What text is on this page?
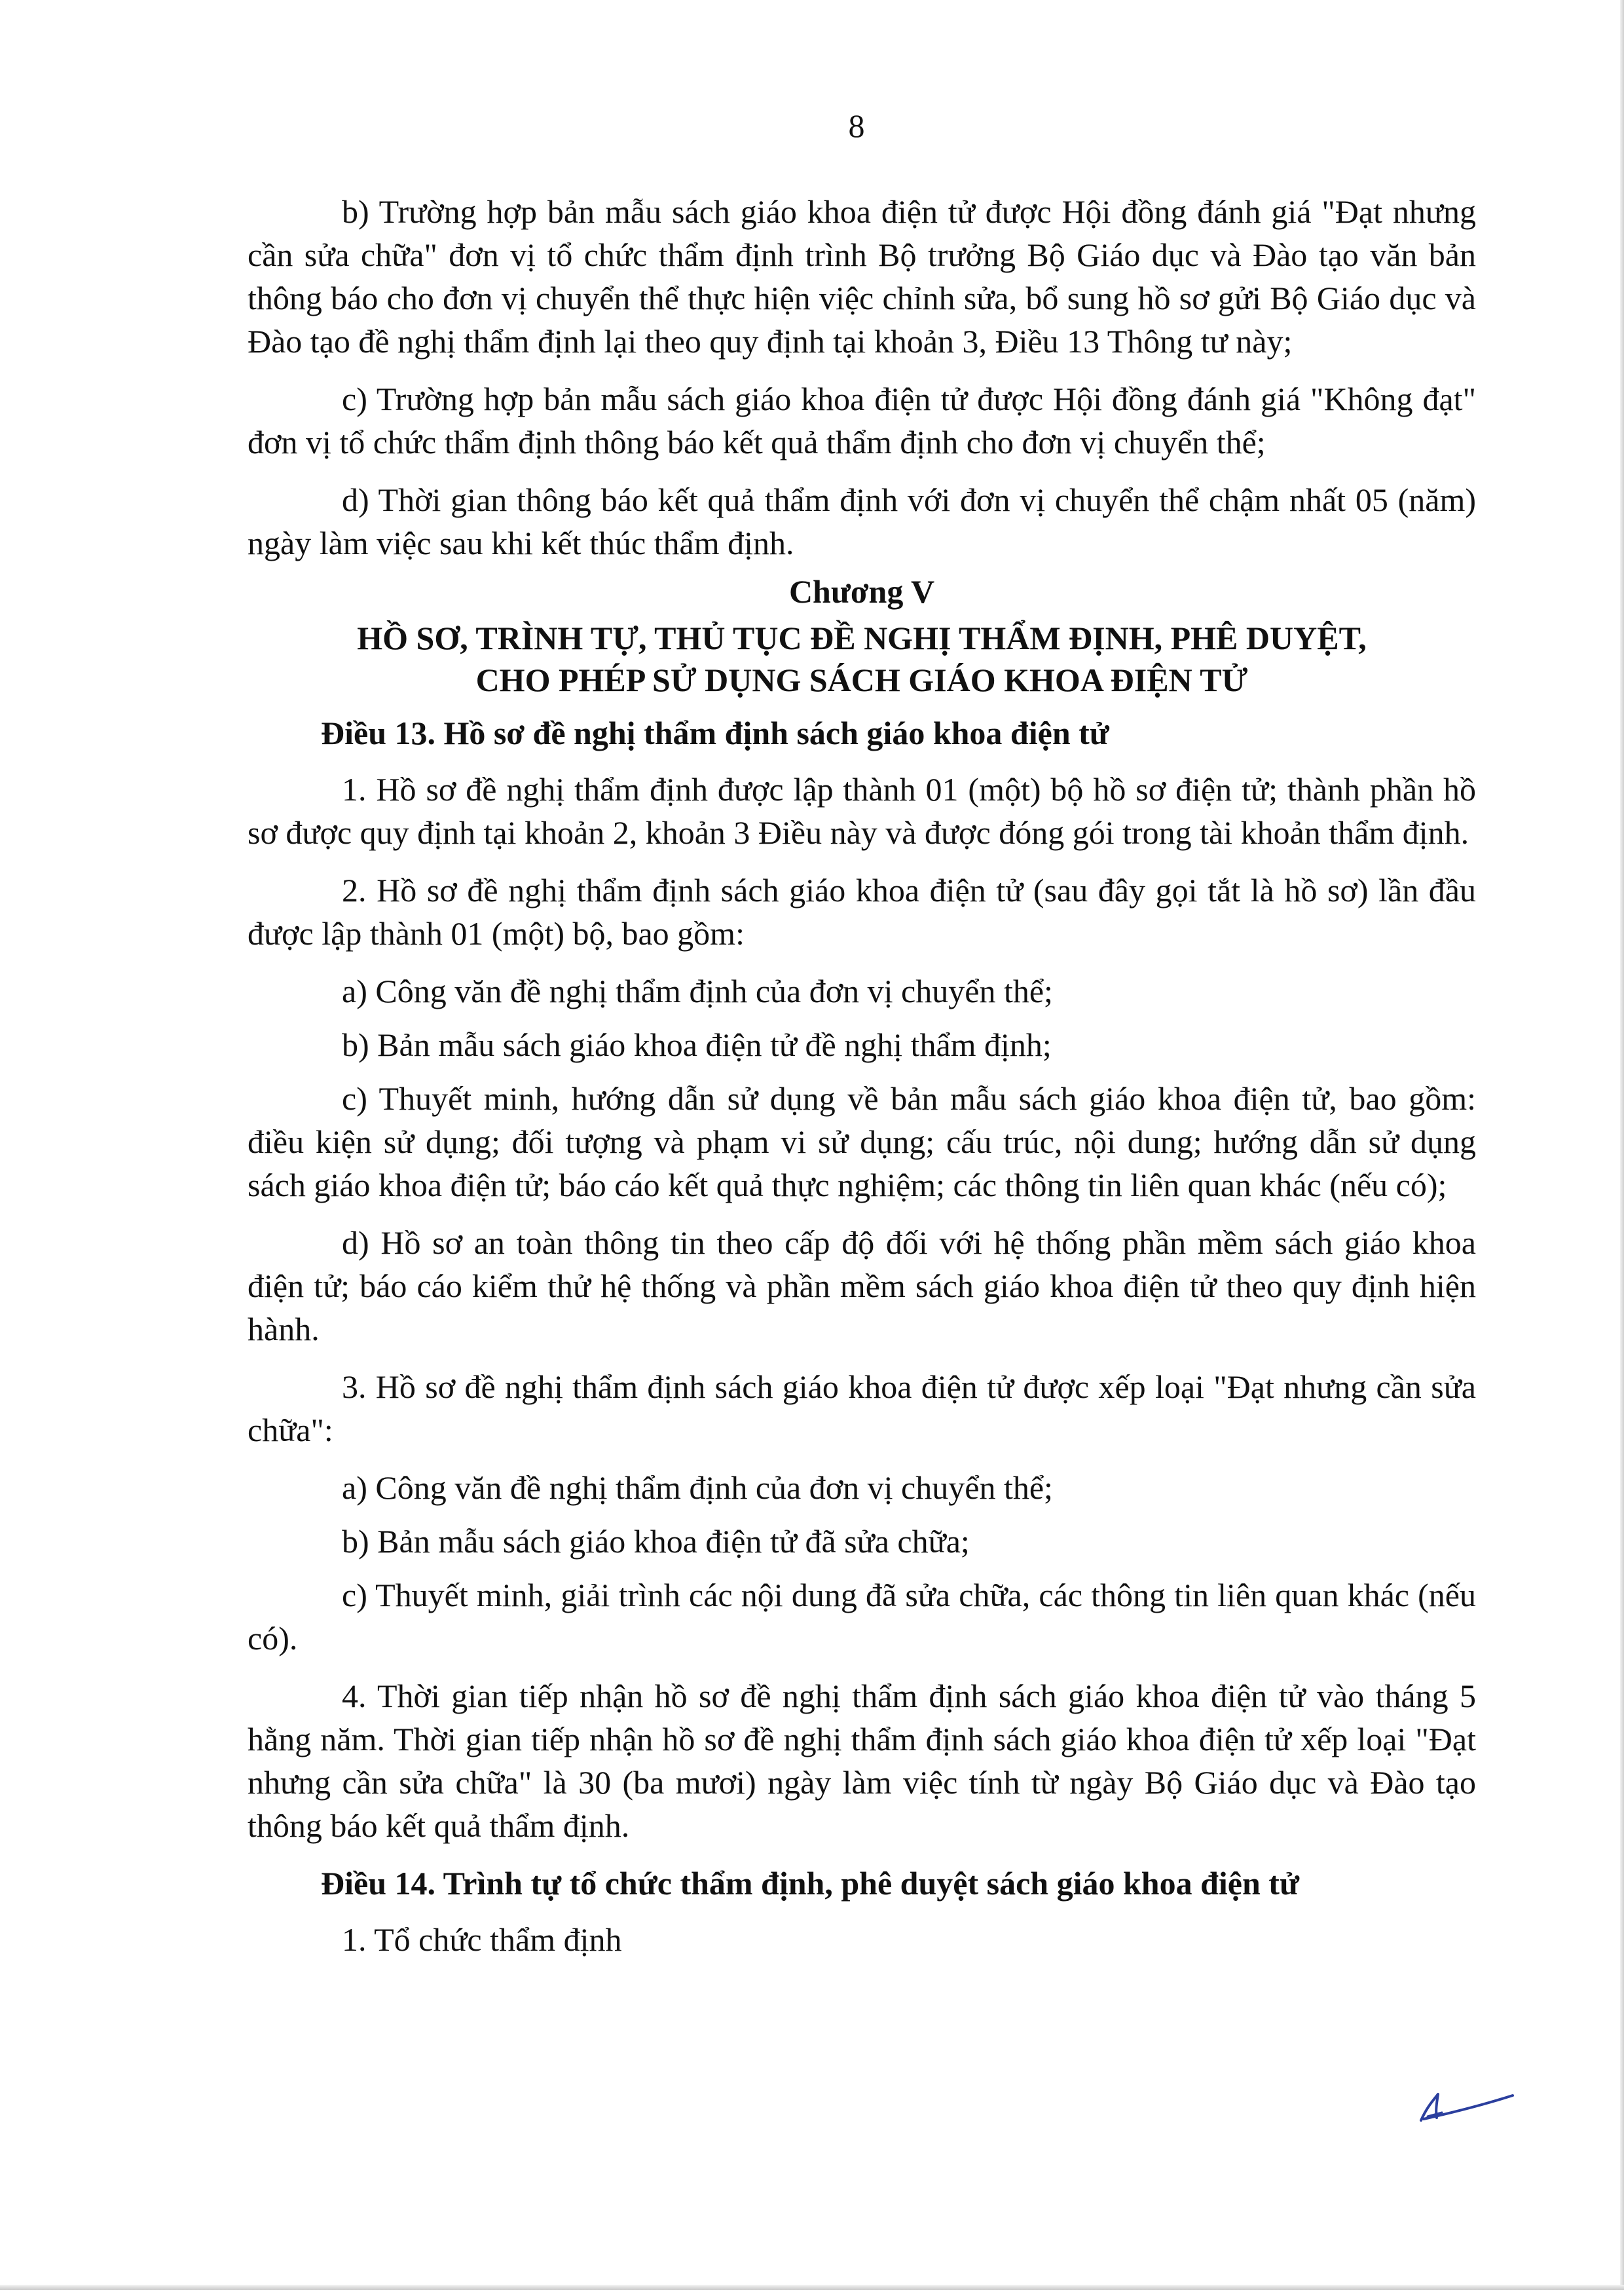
8

b) Trường hợp bản mẫu sách giáo khoa điện tử được Hội đồng đánh giá "Đạt nhưng cần sửa chữa" đơn vị tổ chức thẩm định trình Bộ trưởng Bộ Giáo dục và Đào tạo văn bản thông báo cho đơn vị chuyển thể thực hiện việc chỉnh sửa, bổ sung hồ sơ gửi Bộ Giáo dục và Đào tạo đề nghị thẩm định lại theo quy định tại khoản 3, Điều 13 Thông tư này;

c) Trường hợp bản mẫu sách giáo khoa điện tử được Hội đồng đánh giá "Không đạt" đơn vị tổ chức thẩm định thông báo kết quả thẩm định cho đơn vị chuyển thể;

d) Thời gian thông báo kết quả thẩm định với đơn vị chuyển thể chậm nhất 05 (năm) ngày làm việc sau khi kết thúc thẩm định.

Chương V
HỒ SƠ, TRÌNH TỰ, THỦ TỤC ĐỀ NGHỊ THẨM ĐỊNH, PHÊ DUYỆT,
CHO PHÉP SỬ DỤNG SÁCH GIÁO KHOA ĐIỆN TỬ
Điều 13. Hồ sơ đề nghị thẩm định sách giáo khoa điện tử

1. Hồ sơ đề nghị thẩm định được lập thành 01 (một) bộ hồ sơ điện tử; thành phần hồ sơ được quy định tại khoản 2, khoản 3 Điều này và được đóng gói trong tài khoản thẩm định.

2. Hồ sơ đề nghị thẩm định sách giáo khoa điện tử (sau đây gọi tắt là hồ sơ) lần đầu được lập thành 01 (một) bộ, bao gồm:

a) Công văn đề nghị thẩm định của đơn vị chuyển thể;

b) Bản mẫu sách giáo khoa điện tử đề nghị thẩm định;

c) Thuyết minh, hướng dẫn sử dụng về bản mẫu sách giáo khoa điện tử, bao gồm: điều kiện sử dụng; đối tượng và phạm vi sử dụng; cấu trúc, nội dung; hướng dẫn sử dụng sách giáo khoa điện tử; báo cáo kết quả thực nghiệm; các thông tin liên quan khác (nếu có);

d) Hồ sơ an toàn thông tin theo cấp độ đối với hệ thống phần mềm sách giáo khoa điện tử; báo cáo kiểm thử hệ thống và phần mềm sách giáo khoa điện tử theo quy định hiện hành.

3. Hồ sơ đề nghị thẩm định sách giáo khoa điện tử được xếp loại "Đạt nhưng cần sửa chữa":

a) Công văn đề nghị thẩm định của đơn vị chuyển thể;

b) Bản mẫu sách giáo khoa điện tử đã sửa chữa;

c) Thuyết minh, giải trình các nội dung đã sửa chữa, các thông tin liên quan khác (nếu có).

4. Thời gian tiếp nhận hồ sơ đề nghị thẩm định sách giáo khoa điện tử vào tháng 5 hằng năm. Thời gian tiếp nhận hồ sơ đề nghị thẩm định sách giáo khoa điện tử xếp loại "Đạt nhưng cần sửa chữa" là 30 (ba mươi) ngày làm việc tính từ ngày Bộ Giáo dục và Đào tạo thông báo kết quả thẩm định.

Điều 14. Trình tự tổ chức thẩm định, phê duyệt sách giáo khoa điện tử

1. Tổ chức thẩm định
